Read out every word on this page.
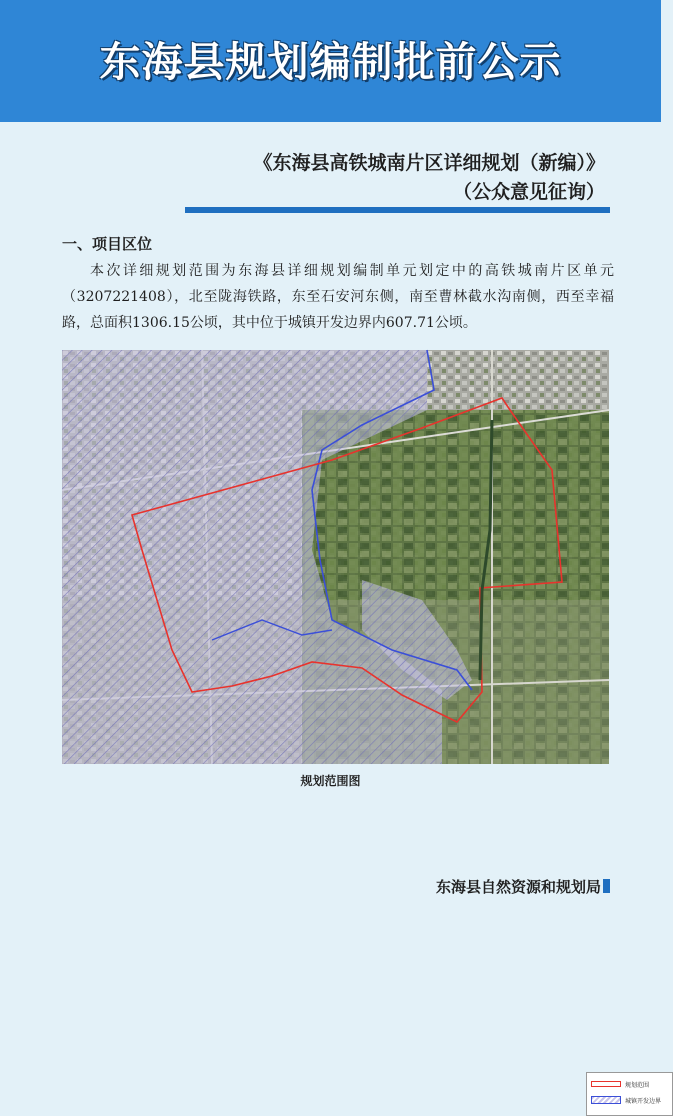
东海县规划编制批前公示
《东海县高铁城南片区详细规划（新编）》
（公众意见征询）
一、项目区位

本次详细规划范围为东海县详细规划编制单元划定中的高铁城南片区单元（3207221408），北至陇海铁路，东至石安河东侧，南至曹林截水沟南侧，西至幸福路，总面积1306.15公顷，其中位于城镇开发边界内607.71公顷。

规划范围
城镇开发边界
规划范围图
东海县自然资源和规划局
